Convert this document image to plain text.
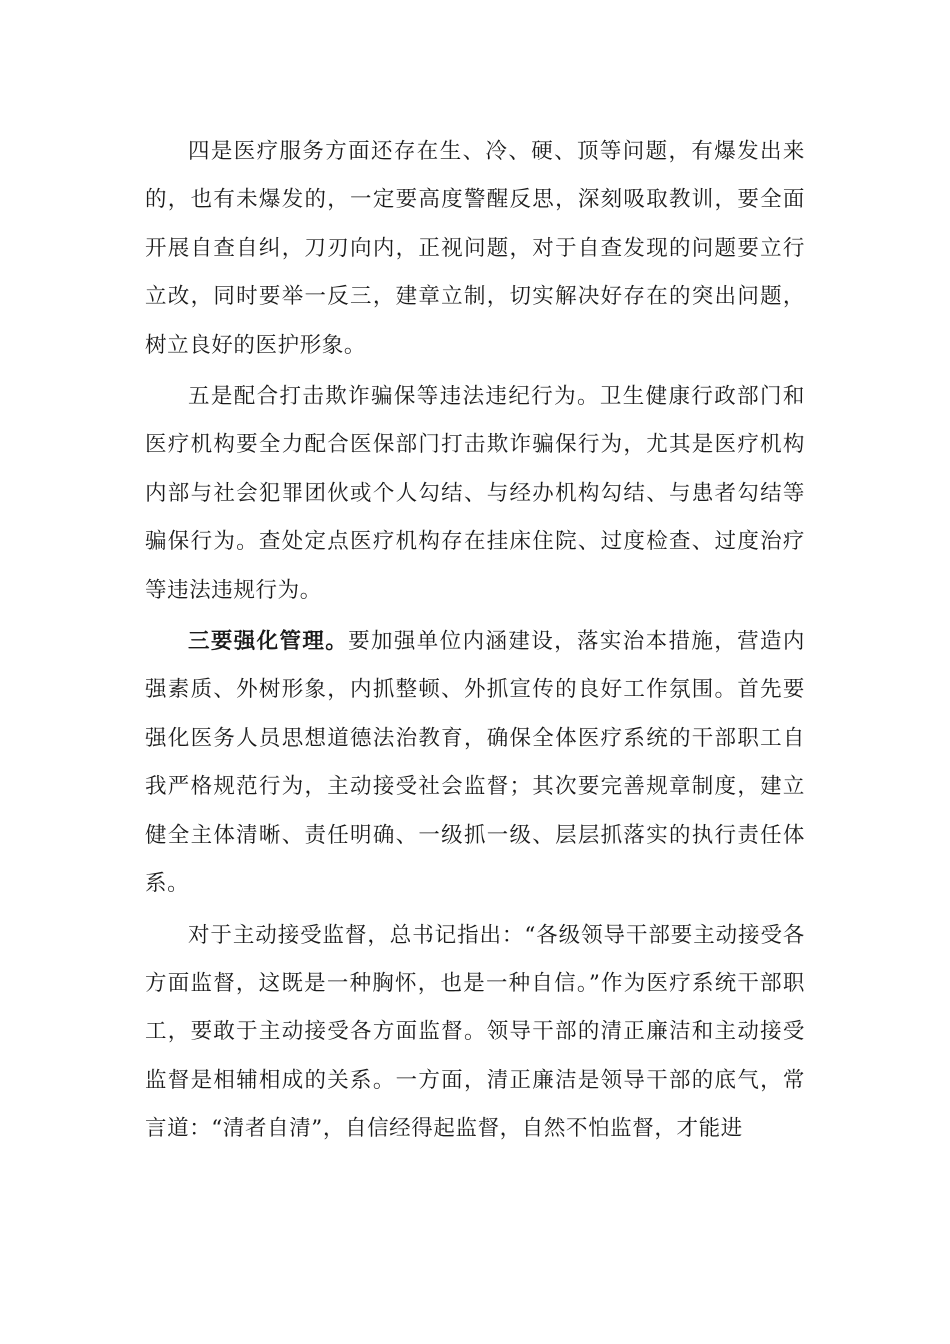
四是医疗服务方面还存在生、冷、硬、顶等问题，有爆发出来的，也有未爆发的，一定要高度警醒反思，深刻吸取教训，要全面开展自查自纠，刀刃向内，正视问题，对于自查发现的问题要立行立改，同时要举一反三，建章立制，切实解决好存在的突出问题，树立良好的医护形象。

五是配合打击欺诈骗保等违法违纪行为。卫生健康行政部门和医疗机构要全力配合医保部门打击欺诈骗保行为，尤其是医疗机构内部与社会犯罪团伙或个人勾结、与经办机构勾结、与患者勾结等骗保行为。查处定点医疗机构存在挂床住院、过度检查、过度治疗等违法违规行为。

三要强化管理。要加强单位内涵建设，落实治本措施，营造内强素质、外树形象，内抓整顿、外抓宣传的良好工作氛围。首先要强化医务人员思想道德法治教育，确保全体医疗系统的干部职工自我严格规范行为，主动接受社会监督；其次要完善规章制度，建立健全主体清晰、责任明确、一级抓一级、层层抓落实的执行责任体系。

对于主动接受监督，总书记指出：“各级领导干部要主动接受各方面监督，这既是一种胸怀，也是一种自信。”作为医疗系统干部职工，要敢于主动接受各方面监督。领导干部的清正廉洁和主动接受监督是相辅相成的关系。一方面，清正廉洁是领导干部的底气，常言道：“清者自清”，自信经得起监督，自然不怕监督，才能进
